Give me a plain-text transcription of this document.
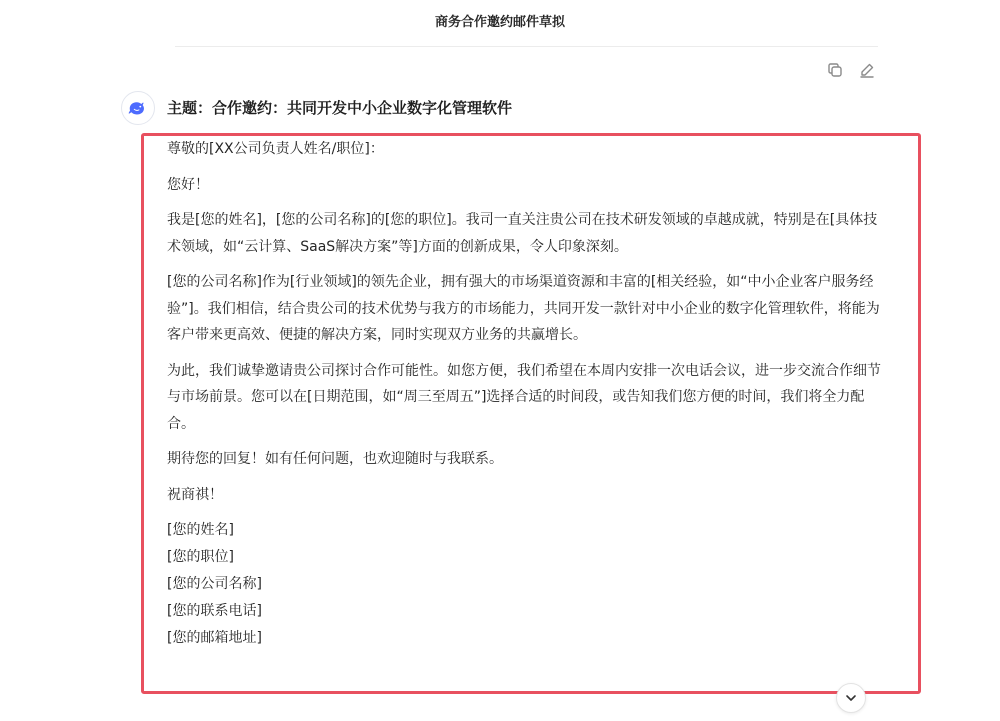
商务合作邀约邮件草拟
主题：合作邀约：共同开发中小企业数字化管理软件

尊敬的[XX公司负责人姓名/职位]：

您好！

我是[您的姓名]，[您的公司名称]的[您的职位]。我司一直关注贵公司在技术研发领域的卓越成就，特别是在[具体技术领域，如“云计算、SaaS解决方案”等]方面的创新成果，令人印象深刻。

[您的公司名称]作为[行业领域]的领先企业，拥有强大的市场渠道资源和丰富的[相关经验，如“中小企业客户服务经验”]。我们相信，结合贵公司的技术优势与我方的市场能力，共同开发一款针对中小企业的数字化管理软件，将能为客户带来更高效、便捷的解决方案，同时实现双方业务的共赢增长。

为此，我们诚挚邀请贵公司探讨合作可能性。如您方便，我们希望在本周内安排一次电话会议，进一步交流合作细节与市场前景。您可以在[日期范围，如“周三至周五”]选择合适的时间段，或告知我们您方便的时间，我们将全力配合。

期待您的回复！如有任何问题，也欢迎随时与我联系。

祝商祺！

[您的姓名]
[您的职位]
[您的公司名称]
[您的联系电话]
[您的邮箱地址]
